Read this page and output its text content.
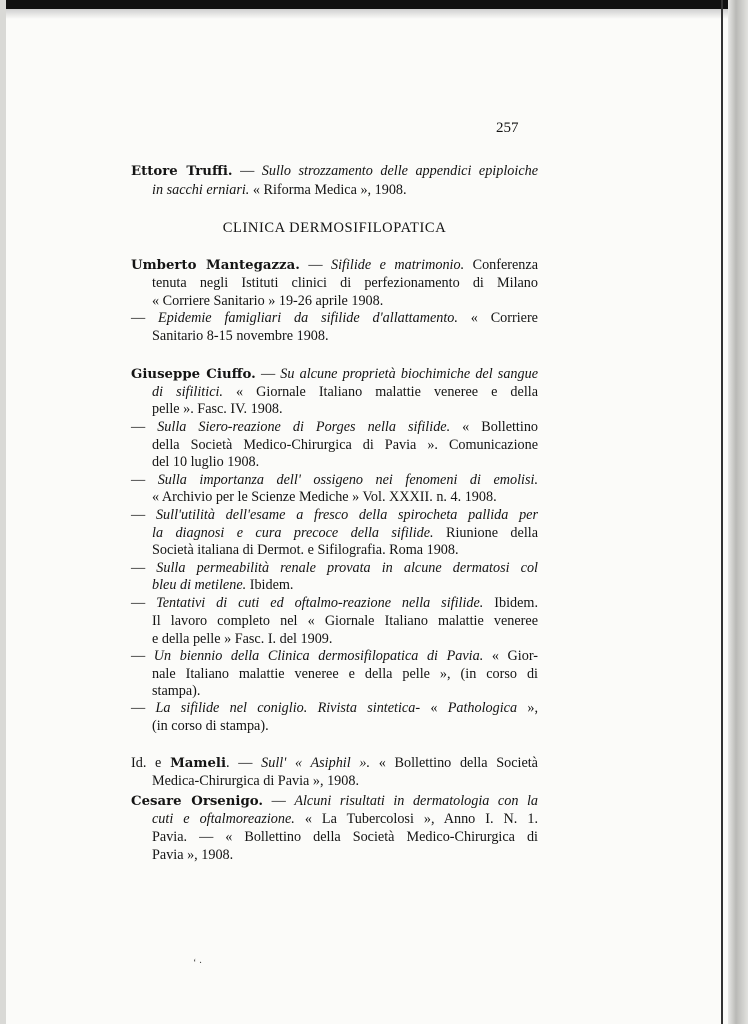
257
CLINICA DERMOSIFILOPATICA
Ettore Truffi. — Sullo strozzamento delle appendici epiploiche
in sacchi erniari. « Riforma Medica », 1908.
Umberto Mantegazza. — Sifilide e matrimonio. Conferenza
tenuta negli Istituti clinici di perfezionamento di Milano
« Corriere Sanitario » 19-26 aprile 1908.
— Epidemie famigliari da sifilide d'allattamento. « Corriere
Sanitario 8-15 novembre 1908.
Giuseppe Ciuffo. — Su alcune proprietà biochimiche del sangue
di sifilitici. « Giornale Italiano malattie veneree e della
pelle ». Fasc. IV. 1908.
— Sulla Siero-reazione di Porges nella sifilide. « Bollettino
della Società Medico-Chirurgica di Pavia ». Comunicazione
del 10 luglio 1908.
— Sulla importanza dell' ossigeno nei fenomeni di emolisi.
« Archivio per le Scienze Mediche » Vol. XXXII. n. 4. 1908.
— Sull'utilità dell'esame a fresco della spirocheta pallida per
la diagnosi e cura precoce della sifilide. Riunione della
Società italiana di Dermot. e Sifilografia. Roma 1908.
— Sulla permeabilità renale provata in alcune dermatosi col
bleu di metilene. Ibidem.
— Tentativi di cuti ed oftalmo-reazione nella sifilide. Ibidem.
Il lavoro completo nel « Giornale Italiano malattie veneree
e della pelle » Fasc. I. del 1909.
— Un biennio della Clinica dermosifilopatica di Pavia. « Gior-
nale Italiano malattie veneree e della pelle », (in corso di
stampa).
— La sifilide nel coniglio. Rivista sintetica- « Pathologica »,
(in corso di stampa).
Id. e Mameli. — Sull' « Asiphil ». « Bollettino della Società
Medica-Chirurgica di Pavia », 1908.
Cesare Orsenigo. — Alcuni risultati in dermatologia con la
cuti e oftalmoreazione. « La Tubercolosi », Anno I. N. 1.
Pavia. — « Bollettino della Società Medico-Chirurgica di
Pavia », 1908.
‘ ·
